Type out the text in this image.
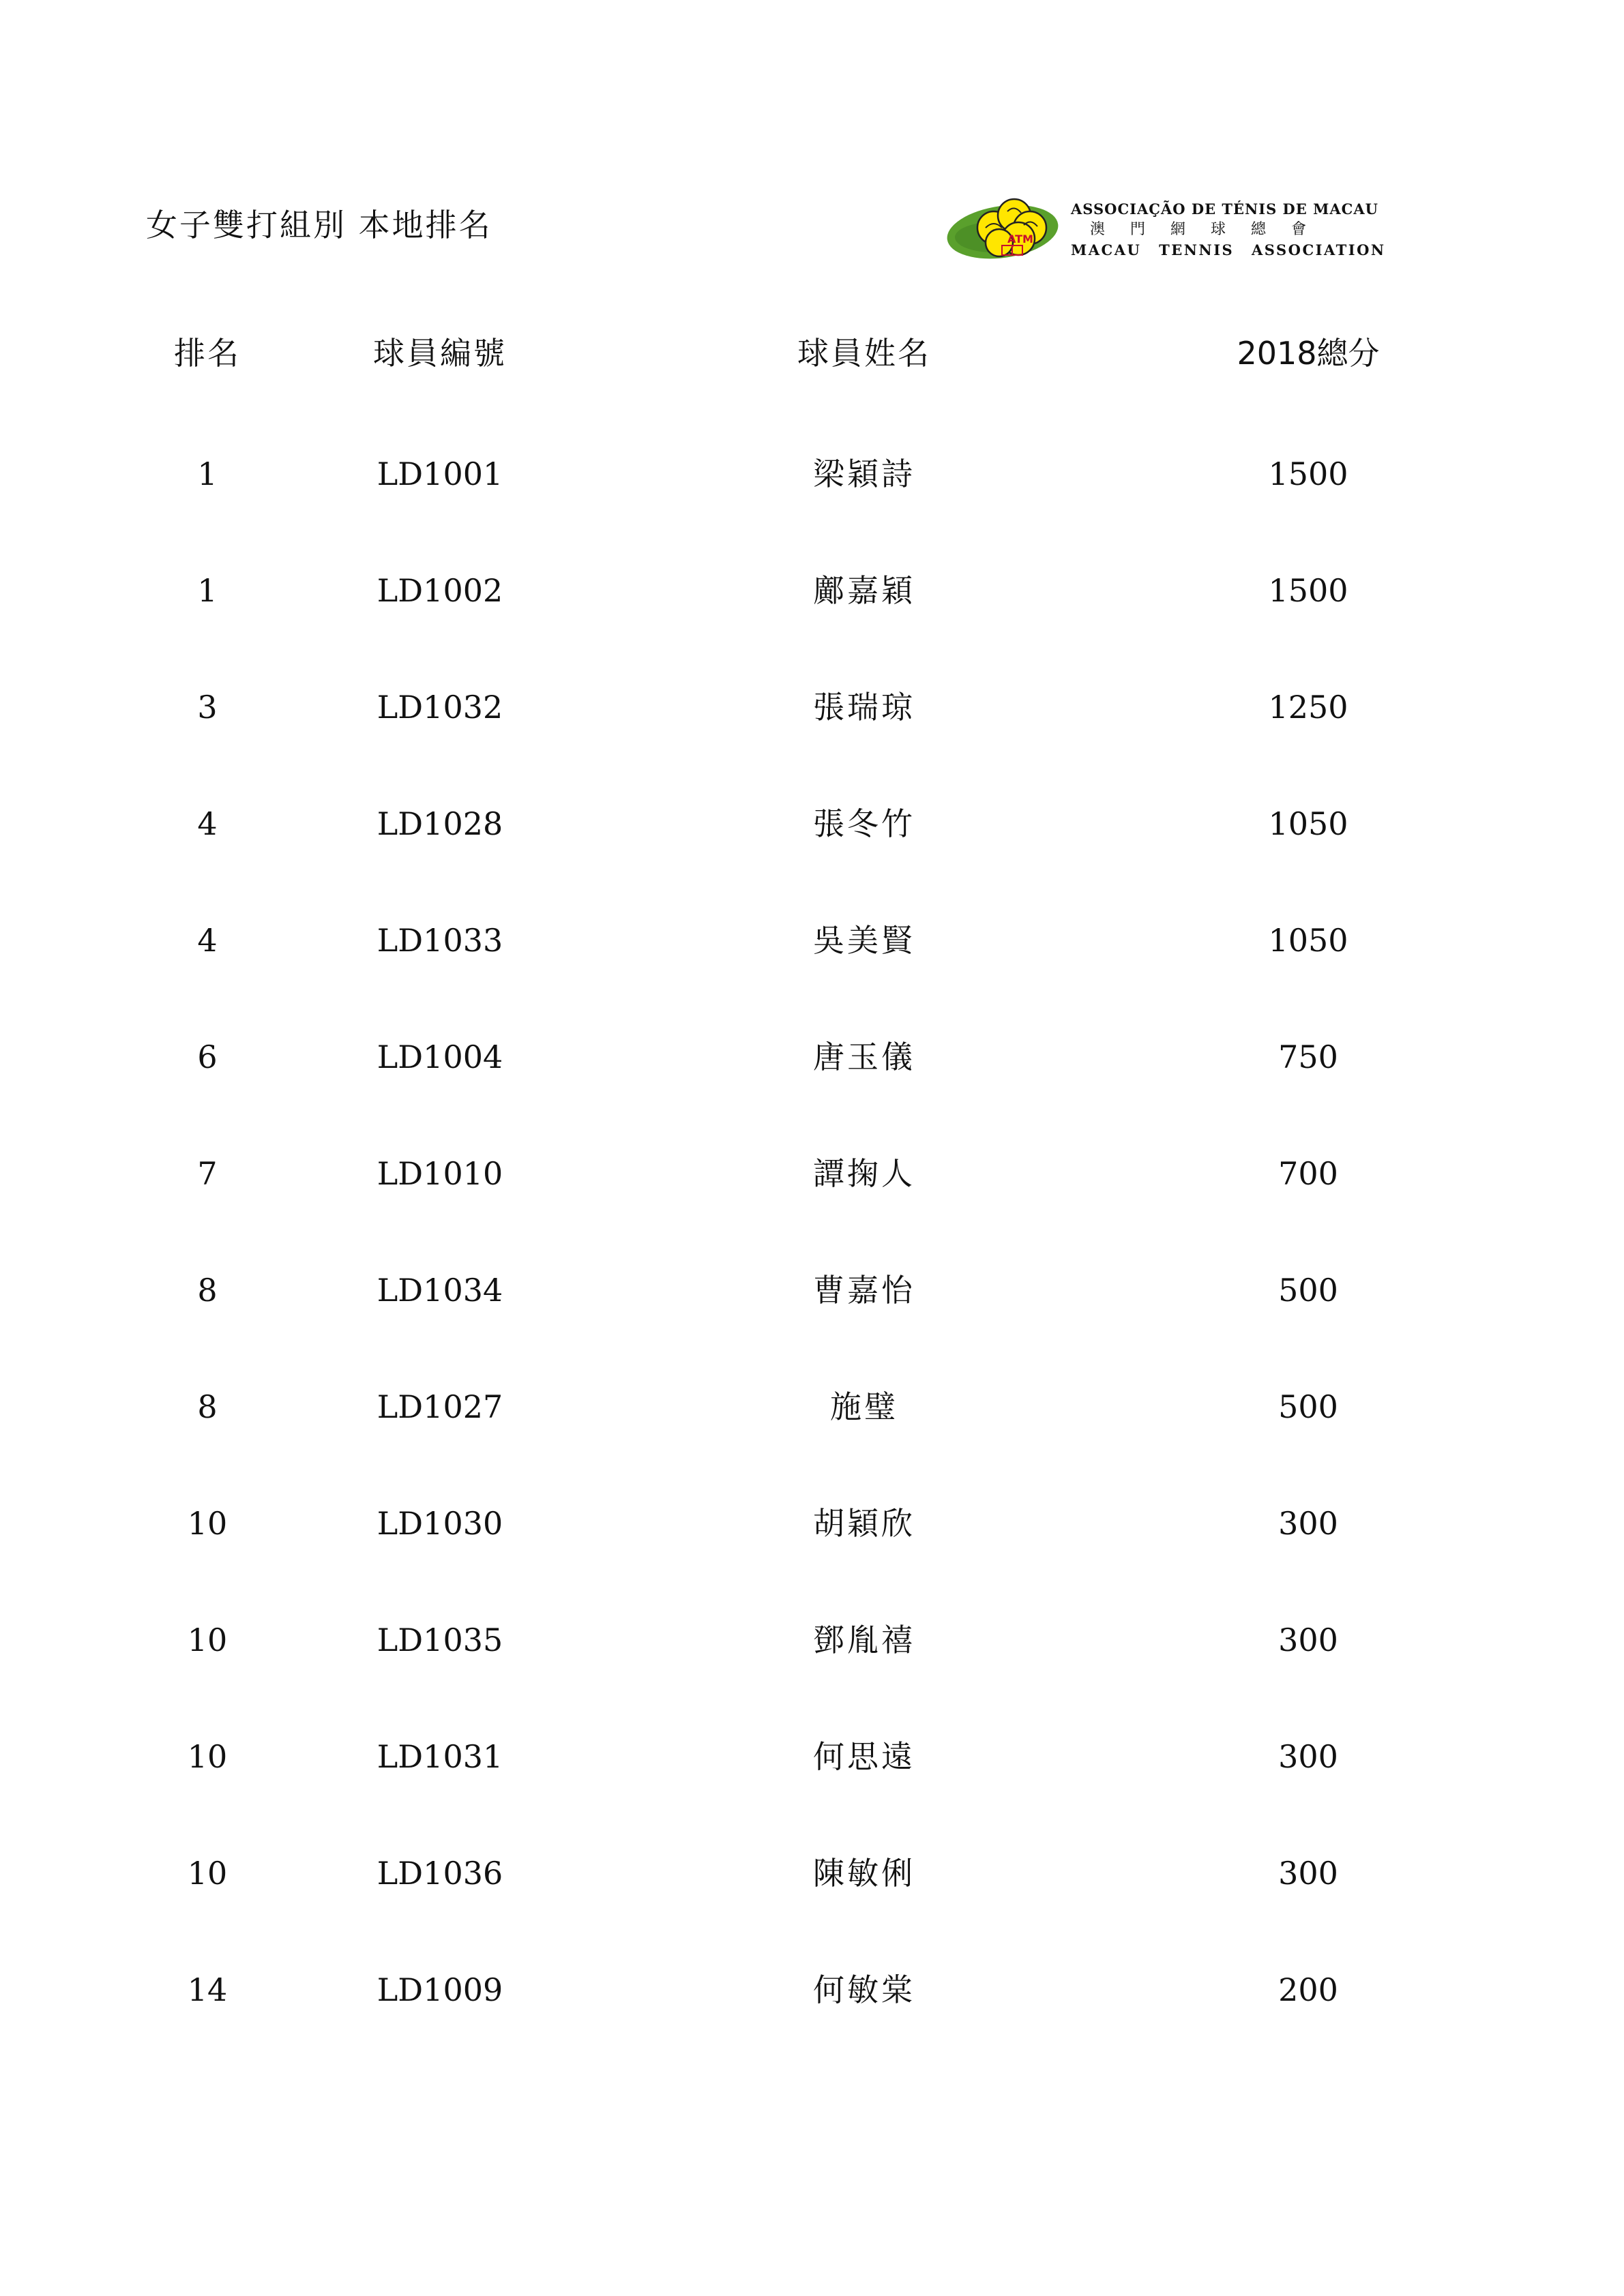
女子雙打組別 本地排名	ATM
ASSOCIAÇÃO DE TÉNIS DE MACAU
澳門網球總會
MACAU TENNIS ASSOCIATION
排名	球員編號	球員姓名	2018總分
1	LD1001	梁穎詩	1500
1	LD1002	鄺嘉穎	1500
3	LD1032	張瑞琼	1250
4	LD1028	張冬竹	1050
4	LD1033	吳美賢	1050
6	LD1004	唐玉儀	750
7	LD1010	譚掬人	700
8	LD1034	曹嘉怡	500
8	LD1027	施璧	500
10	LD1030	胡穎欣	300
10	LD1035	鄧胤禧	300
10	LD1031	何思遠	300
10	LD1036	陳敏俐	300
14	LD1009	何敏棠	200
